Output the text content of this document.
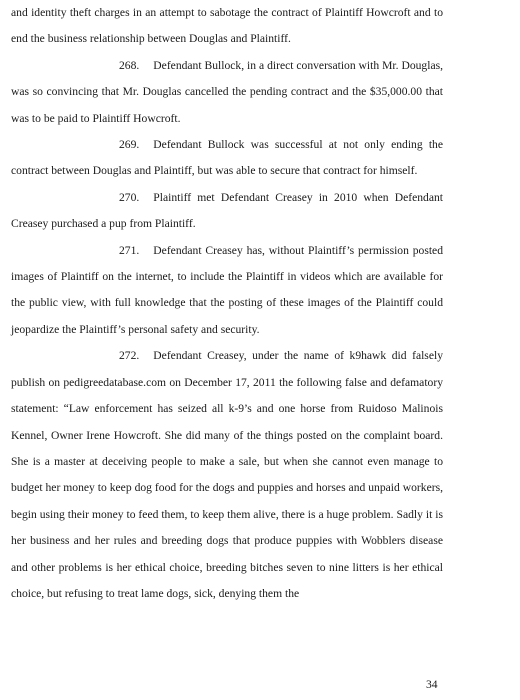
and identity theft charges in an attempt to sabotage the contract of Plaintiff Howcroft and to end the business relationship between Douglas and Plaintiff.

268. Defendant Bullock, in a direct conversation with Mr. Douglas, was so convincing that Mr. Douglas cancelled the pending contract and the $35,000.00 that was to be paid to Plaintiff Howcroft.

269. Defendant Bullock was successful at not only ending the contract between Douglas and Plaintiff, but was able to secure that contract for himself.

270. Plaintiff met Defendant Creasey in 2010 when Defendant Creasey purchased a pup from Plaintiff.

271. Defendant Creasey has, without Plaintiff’s permission posted images of Plaintiff on the internet, to include the Plaintiff in videos which are available for the public view, with full knowledge that the posting of these images of the Plaintiff could jeopardize the Plaintiff’s personal safety and security.

272. Defendant Creasey, under the name of k9hawk did falsely publish on pedigreedatabase.com on December 17, 2011 the following false and defamatory statement: “Law enforcement has seized all k-9’s and one horse from Ruidoso Malinois Kennel, Owner Irene Howcroft. She did many of the things posted on the complaint board. She is a master at deceiving people to make a sale, but when she cannot even manage to budget her money to keep dog food for the dogs and puppies and horses and unpaid workers, begin using their money to feed them, to keep them alive, there is a huge problem. Sadly it is her business and her rules and breeding dogs that produce puppies with Wobblers disease and other problems is her ethical choice, breeding bitches seven to nine litters is her ethical choice, but refusing to treat lame dogs, sick, denying them the

34
